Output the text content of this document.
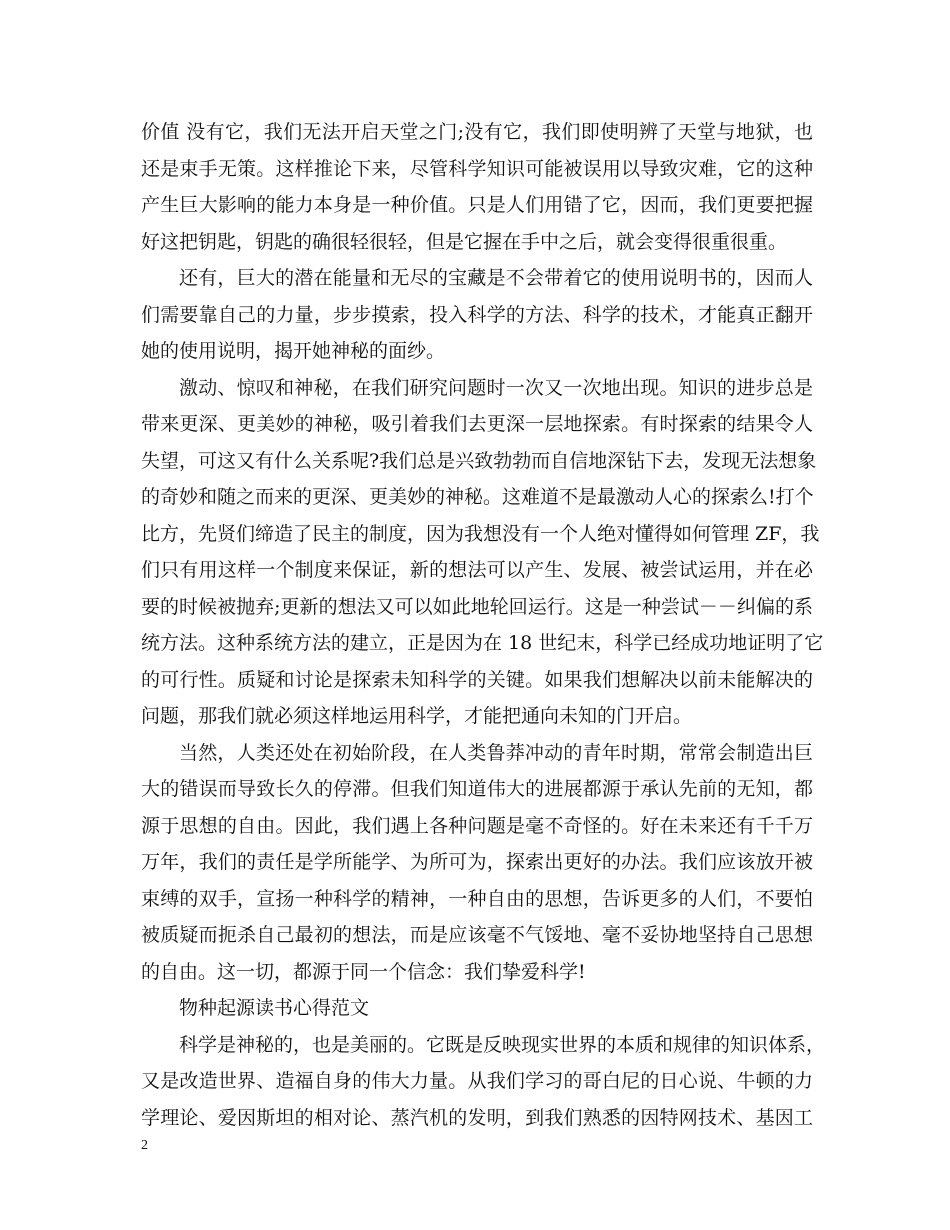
价值 没有它，我们无法开启天堂之门;没有它，我们即使明辨了天堂与地狱，也
还是束手无策。这样推论下来，尽管科学知识可能被误用以导致灾难，它的这种
产生巨大影响的能力本身是一种价值。只是人们用错了它，因而，我们更要把握
好这把钥匙，钥匙的确很轻很轻，但是它握在手中之后，就会变得很重很重。
还有，巨大的潜在能量和无尽的宝藏是不会带着它的使用说明书的，因而人
们需要靠自己的力量，步步摸索，投入科学的方法、科学的技术，才能真正翻开
她的使用说明，揭开她神秘的面纱。
激动、惊叹和神秘，在我们研究问题时一次又一次地出现。知识的进步总是
带来更深、更美妙的神秘，吸引着我们去更深一层地探索。有时探索的结果令人
失望，可这又有什么关系呢?我们总是兴致勃勃而自信地深钻下去，发现无法想象
的奇妙和随之而来的更深、更美妙的神秘。这难道不是最激动人心的探索么!打个
比方，先贤们缔造了民主的制度，因为我想没有一个人绝对懂得如何管理 ZF，我
们只有用这样一个制度来保证，新的想法可以产生、发展、被尝试运用，并在必
要的时候被抛弃;更新的想法又可以如此地轮回运行。这是一种尝试－－纠偏的系
统方法。这种系统方法的建立，正是因为在 18 世纪末，科学已经成功地证明了它
的可行性。质疑和讨论是探索未知科学的关键。如果我们想解决以前未能解决的
问题，那我们就必须这样地运用科学，才能把通向未知的门开启。
当然，人类还处在初始阶段，在人类鲁莽冲动的青年时期，常常会制造出巨
大的错误而导致长久的停滞。但我们知道伟大的进展都源于承认先前的无知，都
源于思想的自由。因此，我们遇上各种问题是毫不奇怪的。好在未来还有千千万
万年，我们的责任是学所能学、为所可为，探索出更好的办法。我们应该放开被
束缚的双手，宣扬一种科学的精神，一种自由的思想，告诉更多的人们，不要怕
被质疑而扼杀自己最初的想法，而是应该毫不气馁地、毫不妥协地坚持自己思想
的自由。这一切，都源于同一个信念：我们挚爱科学!
物种起源读书心得范文
科学是神秘的，也是美丽的。它既是反映现实世界的本质和规律的知识体系，
又是改造世界、造福自身的伟大力量。从我们学习的哥白尼的日心说、牛顿的力
学理论、爱因斯坦的相对论、蒸汽机的发明，到我们熟悉的因特网技术、基因工
2
